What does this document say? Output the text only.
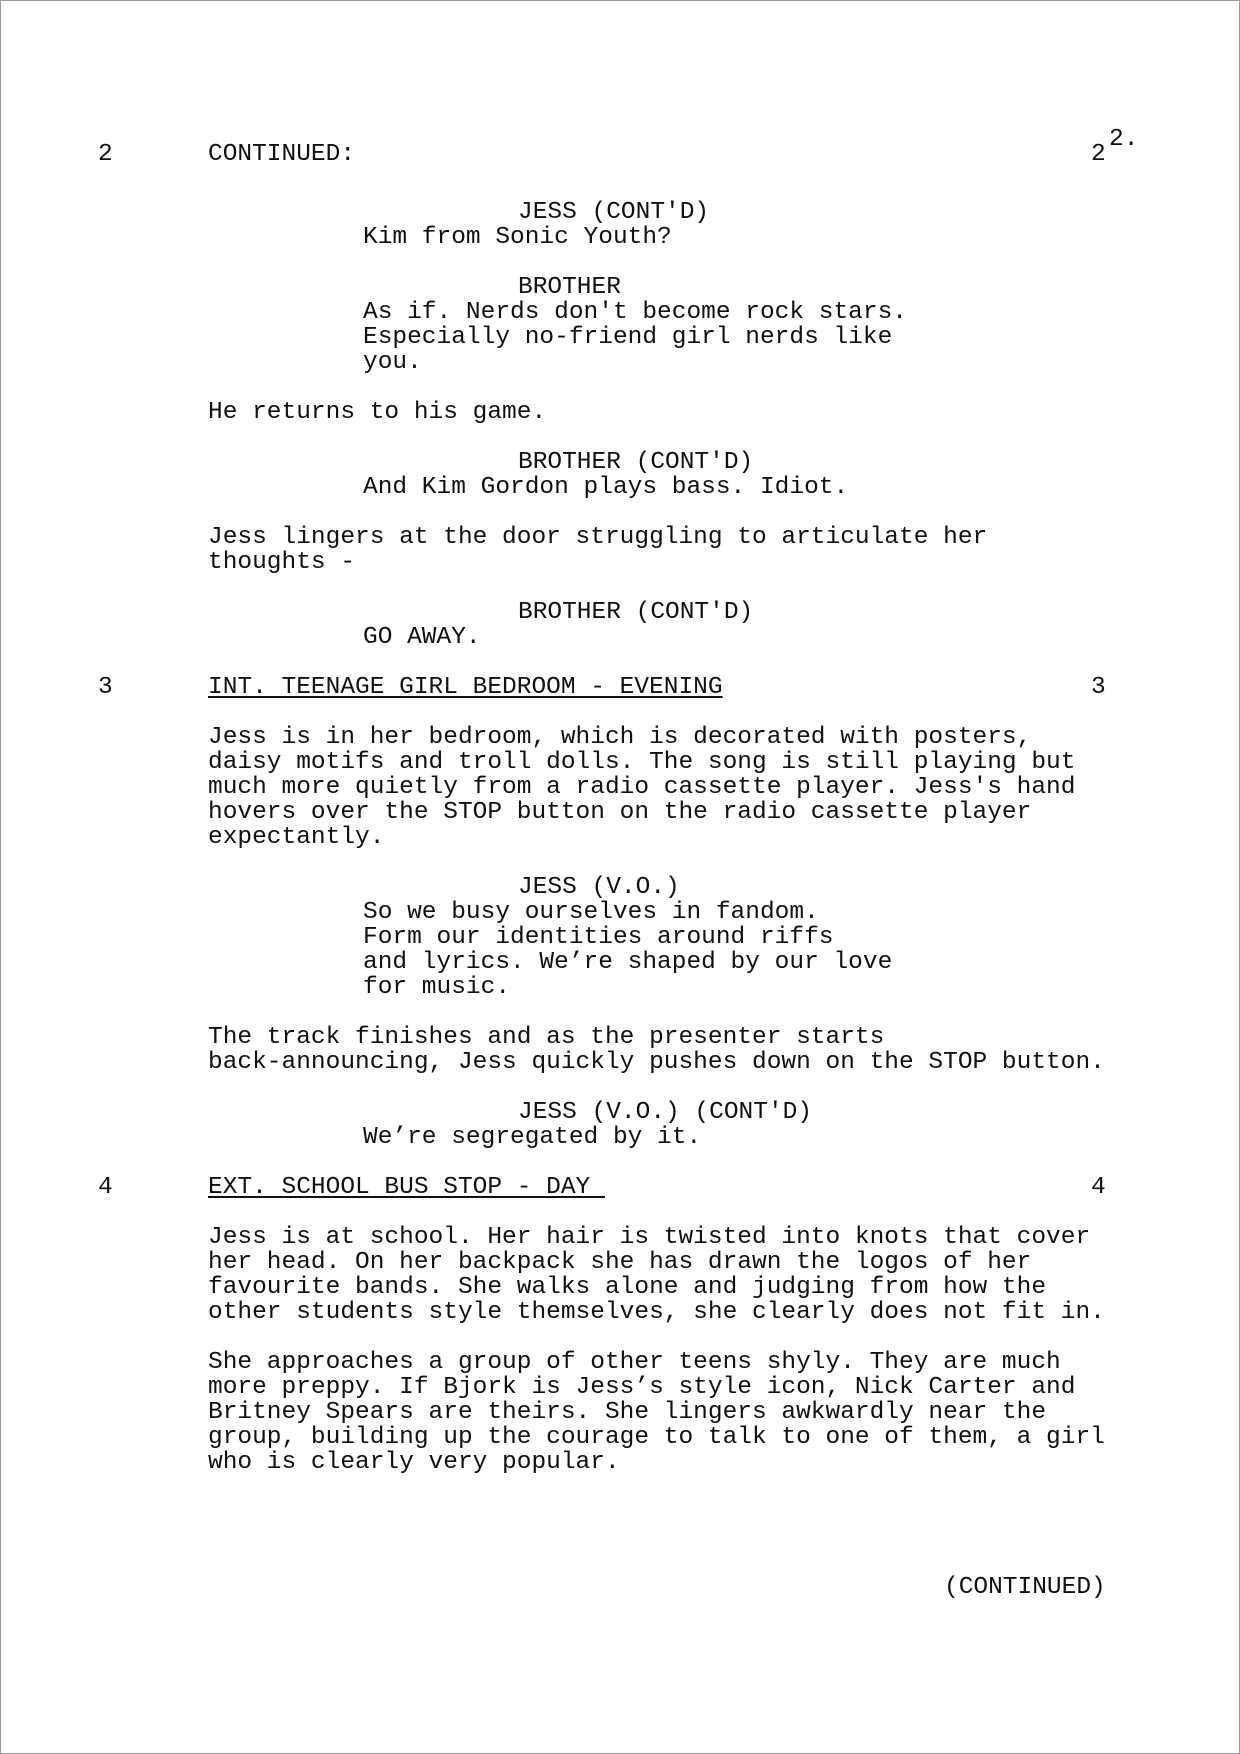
2.
2	CONTINUED:	2
JESS (CONT'D)
Kim from Sonic Youth?
BROTHER
As if. Nerds don't become rock stars.
Especially no-friend girl nerds like
you.
He returns to his game.
BROTHER (CONT'D)
And Kim Gordon plays bass. Idiot.
Jess lingers at the door struggling to articulate her
thoughts -
BROTHER (CONT'D)
GO AWAY.
3	INT. TEENAGE GIRL BEDROOM - EVENING	3
Jess is in her bedroom, which is decorated with posters,
daisy motifs and troll dolls. The song is still playing but
much more quietly from a radio cassette player. Jess's hand
hovers over the STOP button on the radio cassette player
expectantly.
JESS (V.O.)
So we busy ourselves in fandom.
Form our identities around riffs
and lyrics. We’re shaped by our love
for music.
The track finishes and as the presenter starts
back-announcing, Jess quickly pushes down on the STOP button.
JESS (V.O.) (CONT'D)
We’re segregated by it.
4	EXT. SCHOOL BUS STOP - DAY	4
Jess is at school. Her hair is twisted into knots that cover
her head. On her backpack she has drawn the logos of her
favourite bands. She walks alone and judging from how the
other students style themselves, she clearly does not fit in.
She approaches a group of other teens shyly. They are much
more preppy. If Bjork is Jess’s style icon, Nick Carter and
Britney Spears are theirs. She lingers awkwardly near the
group, building up the courage to talk to one of them, a girl
who is clearly very popular.
(CONTINUED)
